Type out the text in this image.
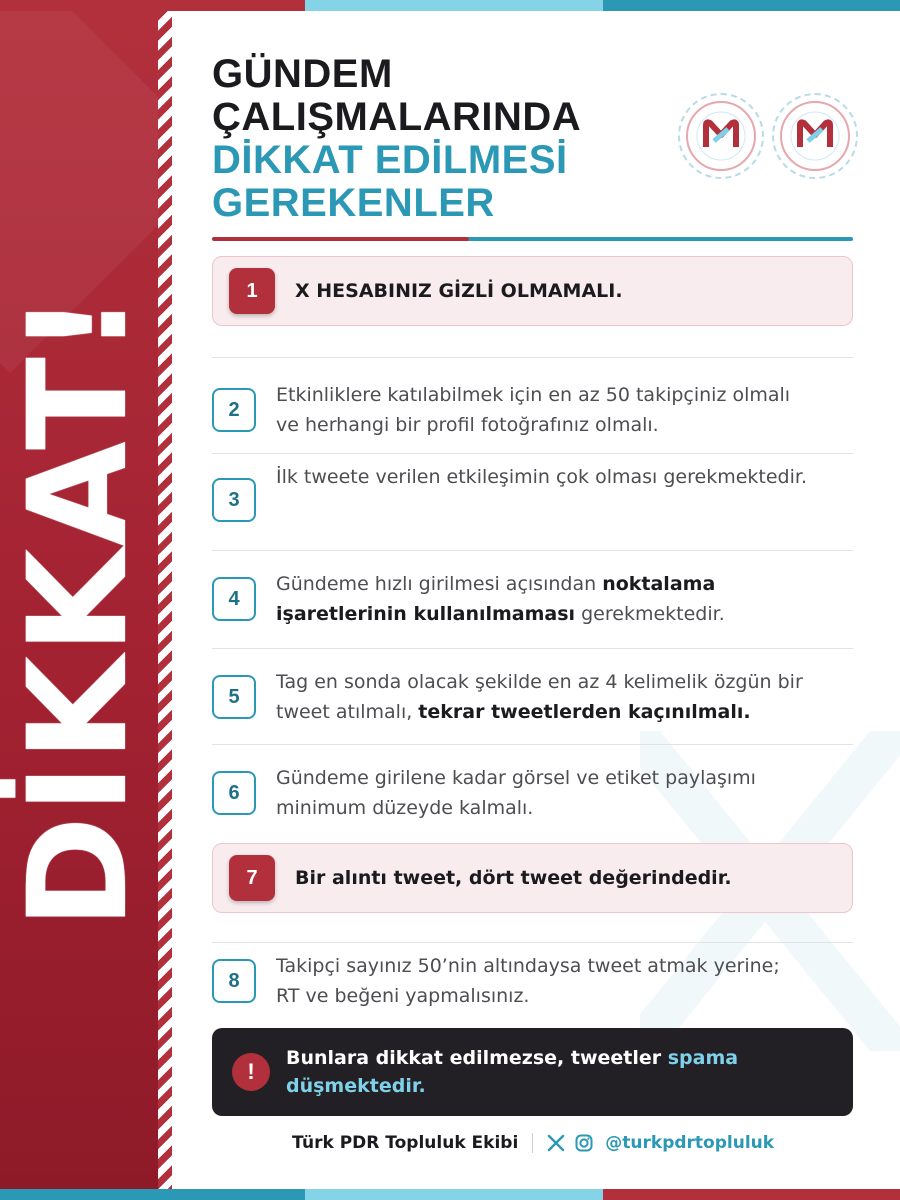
DİKKAT!
GÜNDEM
ÇALIŞMALARINDA
DİKKAT EDİLMESİ
GEREKENLER
1	X HESABINIZ GİZLİ OLMAMALI.
2
Etkinliklere katılabilmek için en az 50 takipçiniz olmalı
ve herhangi bir profil fotoğrafınız olmalı.
3
İlk tweete verilen etkileşimin çok olması gerekmektedir.
4
Gündeme hızlı girilmesi açısından noktalama
işaretlerinin kullanılmaması gerekmektedir.
5
Tag en sonda olacak şekilde en az 4 kelimelik özgün bir
tweet atılmalı, tekrar tweetlerden kaçınılmalı.
6
Gündeme girilene kadar görsel ve etiket paylaşımı
minimum düzeyde kalmalı.
7	Bir alıntı tweet, dört tweet değerindedir.
8
Takipçi sayınız 50’nin altındaysa tweet atmak yerine;
RT ve beğeni yapmalısınız.
!
Bunlara dikkat edilmezse, tweetler spama
düşmektedir.
Türk PDR Topluluk Ekibi	@turkpdrtopluluk
